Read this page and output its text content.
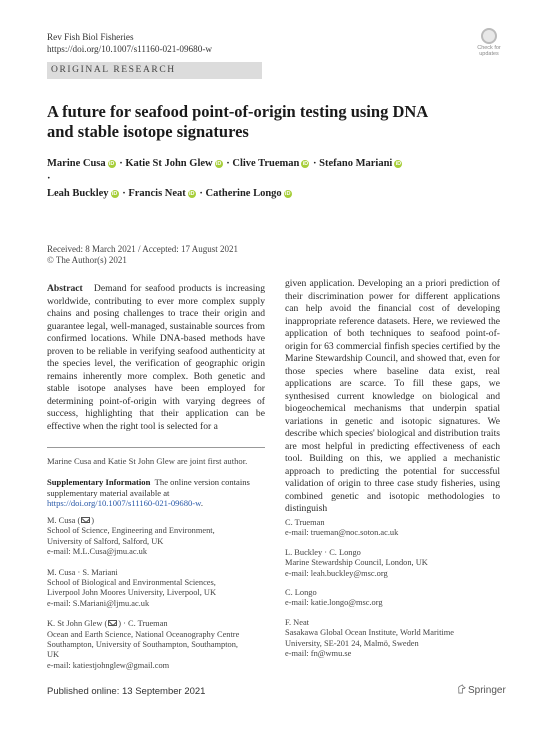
Rev Fish Biol Fisheries
https://doi.org/10.1007/s11160-021-09680-w	Check for
updates
ORIGINAL RESEARCH
A future for seafood point-of-origin testing using DNA
and stable isotope signatures
Marine Cusa iD · Katie St John Glew iD · Clive Trueman iD · Stefano Mariani iD ·
Leah Buckley iD · Francis Neat iD · Catherine Longo iD
Received: 8 March 2021 / Accepted: 17 August 2021
© The Author(s) 2021
Abstract Demand for seafood products is increasing worldwide, contributing to ever more complex supply chains and posing challenges to trace their origin and guarantee legal, well-managed, sustainable sources from confirmed locations. While DNA-based methods have proven to be reliable in verifying seafood authenticity at the species level, the verification of geographic origin remains inherently more complex. Both genetic and stable isotope analyses have been employed for determining point-of-origin with varying degrees of success, highlighting that their application can be effective when the right tool is selected for a
given application. Developing an a priori prediction of their discrimination power for different applications can help avoid the financial cost of developing inappropriate reference datasets. Here, we reviewed the application of both techniques to seafood point-of-origin for 63 commercial finfish species certified by the Marine Stewardship Council, and showed that, even for those species where baseline data exist, real applications are scarce. To fill these gaps, we synthesised current knowledge on biological and biogeochemical mechanisms that underpin spatial variations in genetic and isotopic signatures. We describe which species' biological and distribution traits are most helpful in predicting effectiveness of each tool. Building on this, we applied a mechanistic approach to predicting the potential for successful validation of origin to three case study fisheries, using combined genetic and isotopic methodologies to distinguish
Marine Cusa and Katie St John Glew are joint first author.
Supplementary Information The online version contains supplementary material available at https://doi.org/10.1007/s11160-021-09680-w.
M. Cusa ( )
School of Science, Engineering and Environment,
University of Salford, Salford, UK
e-mail: M.L.Cusa@jmu.ac.uk
M. Cusa · S. Mariani
School of Biological and Environmental Sciences,
Liverpool John Moores University, Liverpool, UK
e-mail: S.Mariani@ljmu.ac.uk
K. St John Glew ( ) · C. Trueman
Ocean and Earth Science, National Oceanography Centre
Southampton, University of Southampton, Southampton,
UK
e-mail: katiestjohnglew@gmail.com
C. Trueman
e-mail: trueman@noc.soton.ac.uk
L. Buckley · C. Longo
Marine Stewardship Council, London, UK
e-mail: leah.buckley@msc.org
C. Longo
e-mail: katie.longo@msc.org
F. Neat
Sasakawa Global Ocean Institute, World Maritime
University, SE-201 24, Malmö, Sweden
e-mail: fn@wmu.se
Published online: 13 September 2021	Springer
